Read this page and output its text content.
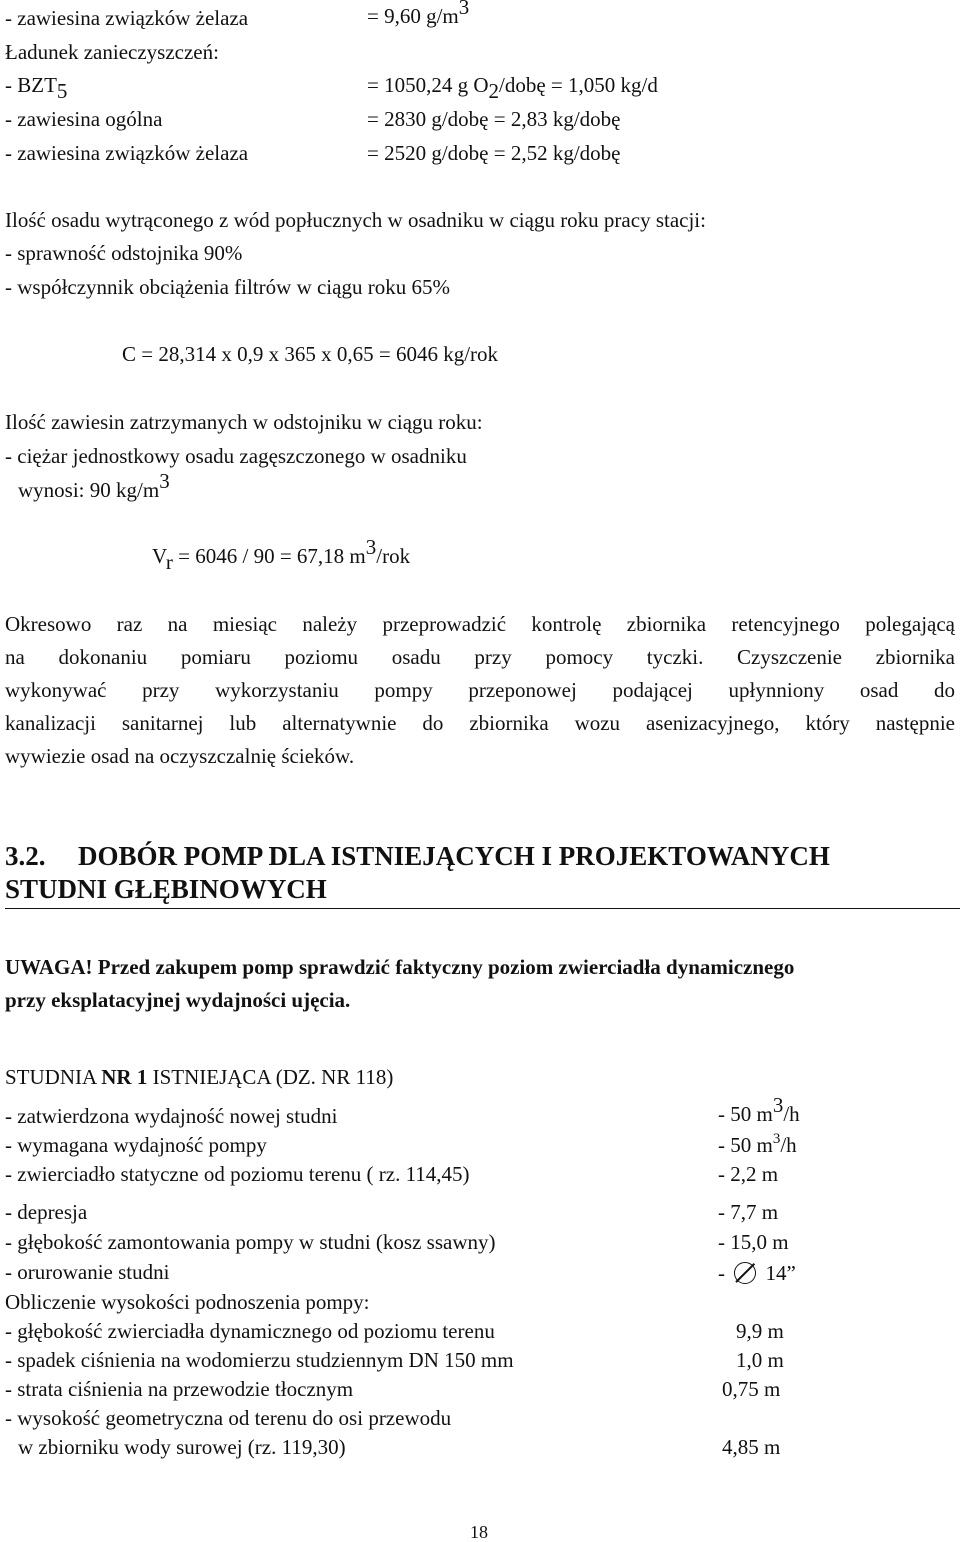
- zawiesina związków żelaza	= 9,60 $g/m^3$
Ładunek zanieczyszczeń:
- $BZT_5$	= 1050,24 g $O_2$/dobę = 1,050 kg/d
- zawiesina ogólna	= 2830 g/dobę = 2,83 kg/dobę
- zawiesina związków żelaza	= 2520 g/dobę = 2,52 kg/dobę
Ilość osadu wytrąconego z wód popłucznych w osadniku w ciągu roku pracy stacji:
- sprawność odstojnika 90%
- współczynnik obciążenia filtrów w ciągu roku 65%
C = 28,314 x 0,9 x 365 x 0,65 = 6046 kg/rok
Ilość zawiesin zatrzymanych w odstojniku w ciągu roku:
- ciężar jednostkowy osadu zagęszczonego w osadniku
wynosi: 90 $kg/m^3$
$V_r = 6046 / 90 = 67,18$ $m^3$/rok
Okresowo raz na miesiąc należy przeprowadzić kontrolę zbiornika retencyjnego polegającą
na dokonaniu pomiaru poziomu osadu przy pomocy tyczki. Czyszczenie zbiornika
wykonywać przy wykorzystaniu pompy przeponowej podającej upłynniony osad do
kanalizacji sanitarnej lub alternatywnie do zbiornika wozu asenizacyjnego, który następnie
wywiezie osad na oczyszczalnię ścieków.
3.2. DOBÓR POMP DLA ISTNIEJĄCYCH I PROJEKTOWANYCH
STUDNI GŁĘBINOWYCH
UWAGA! Przed zakupem pomp sprawdzić faktyczny poziom zwierciadła dynamicznego
przy eksplatacyjnej wydajności ujęcia.
STUDNIA NR 1 ISTNIEJĄCA (DZ. NR 118)
- zatwierdzona wydajność nowej studni	- 50 $m^3/h$
- wymagana wydajność pompy	- 50 $m^3/h$
- zwierciadło statyczne od poziomu terenu ( rz. 114,45)	- 2,2 m
- depresja	- 7,7 m
- głębokość zamontowania pompy w studni (kosz ssawny)	- 15,0 m
- orurowanie studni	-  14”
Obliczenie wysokości podnoszenia pompy:
- głębokość zwierciadła dynamicznego od poziomu terenu	9,9 m
- spadek ciśnienia na wodomierzu studziennym DN 150 mm	1,0 m
- strata ciśnienia na przewodzie tłocznym	0,75 m
- wysokość geometryczna od terenu do osi przewodu
w zbiorniku wody surowej (rz. 119,30)	4,85 m
18
